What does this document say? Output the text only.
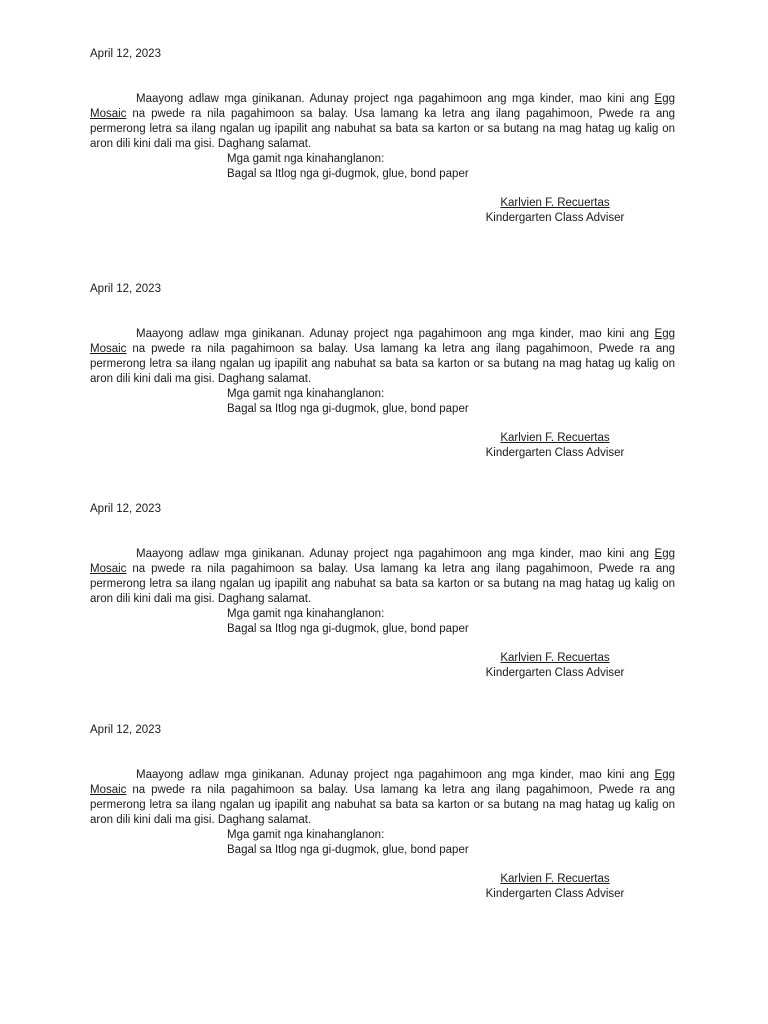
April 12, 2023

Maayong adlaw mga ginikanan. Adunay project nga pagahimoon ang mga kinder, mao kini ang Egg Mosaic na pwede ra nila pagahimoon sa balay. Usa lamang ka letra ang ilang pagahimoon, Pwede ra ang permerong letra sa ilang ngalan ug ipapilit ang nabuhat sa bata sa karton or sa butang na mag hatag ug kalig on aron dili kini dali ma gisi. Daghang salamat.

Mga gamit nga kinahanglanon:
Bagal sa Itlog nga gi-dugmok, glue, bond paper
Karlvien F. Recuertas
Kindergarten Class Adviser
April 12, 2023

Maayong adlaw mga ginikanan. Adunay project nga pagahimoon ang mga kinder, mao kini ang Egg Mosaic na pwede ra nila pagahimoon sa balay. Usa lamang ka letra ang ilang pagahimoon, Pwede ra ang permerong letra sa ilang ngalan ug ipapilit ang nabuhat sa bata sa karton or sa butang na mag hatag ug kalig on aron dili kini dali ma gisi. Daghang salamat.

Mga gamit nga kinahanglanon:
Bagal sa Itlog nga gi-dugmok, glue, bond paper
Karlvien F. Recuertas
Kindergarten Class Adviser
April 12, 2023

Maayong adlaw mga ginikanan. Adunay project nga pagahimoon ang mga kinder, mao kini ang Egg Mosaic na pwede ra nila pagahimoon sa balay. Usa lamang ka letra ang ilang pagahimoon, Pwede ra ang permerong letra sa ilang ngalan ug ipapilit ang nabuhat sa bata sa karton or sa butang na mag hatag ug kalig on aron dili kini dali ma gisi. Daghang salamat.

Mga gamit nga kinahanglanon:
Bagal sa Itlog nga gi-dugmok, glue, bond paper
Karlvien F. Recuertas
Kindergarten Class Adviser
April 12, 2023

Maayong adlaw mga ginikanan. Adunay project nga pagahimoon ang mga kinder, mao kini ang Egg Mosaic na pwede ra nila pagahimoon sa balay. Usa lamang ka letra ang ilang pagahimoon, Pwede ra ang permerong letra sa ilang ngalan ug ipapilit ang nabuhat sa bata sa karton or sa butang na mag hatag ug kalig on aron dili kini dali ma gisi. Daghang salamat.

Mga gamit nga kinahanglanon:
Bagal sa Itlog nga gi-dugmok, glue, bond paper
Karlvien F. Recuertas
Kindergarten Class Adviser
